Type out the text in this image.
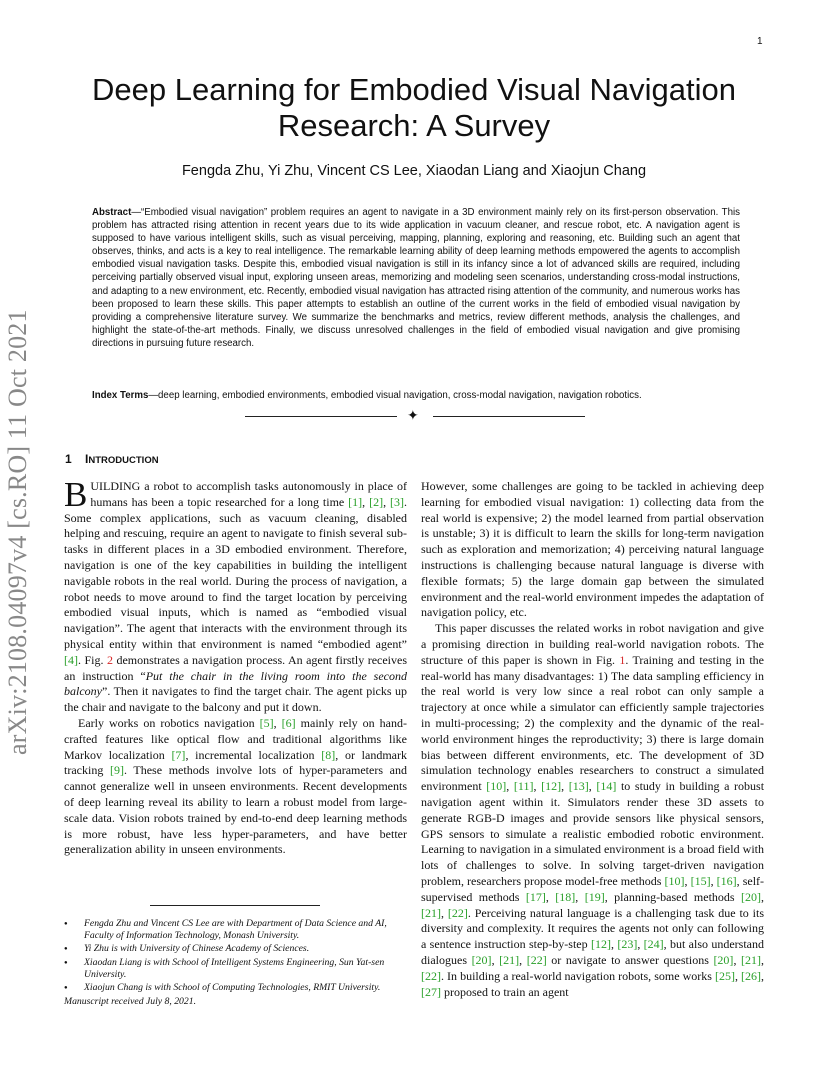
1
arXiv:2108.04097v4 [cs.RO] 11 Oct 2021
Deep Learning for Embodied Visual Navigation Research: A Survey
Fengda Zhu, Yi Zhu, Vincent CS Lee, Xiaodan Liang and Xiaojun Chang
Abstract—“Embodied visual navigation” problem requires an agent to navigate in a 3D environment mainly rely on its first-person observation. This problem has attracted rising attention in recent years due to its wide application in vacuum cleaner, and rescue robot, etc. A navigation agent is supposed to have various intelligent skills, such as visual perceiving, mapping, planning, exploring and reasoning, etc. Building such an agent that observes, thinks, and acts is a key to real intelligence. The remarkable learning ability of deep learning methods empowered the agents to accomplish embodied visual navigation tasks. Despite this, embodied visual navigation is still in its infancy since a lot of advanced skills are required, including perceiving partially observed visual input, exploring unseen areas, memorizing and modeling seen scenarios, understanding cross-modal instructions, and adapting to a new environment, etc. Recently, embodied visual navigation has attracted rising attention of the community, and numerous works has been proposed to learn these skills. This paper attempts to establish an outline of the current works in the field of embodied visual navigation by providing a comprehensive literature survey. We summarize the benchmarks and metrics, review different methods, analysis the challenges, and highlight the state-of-the-art methods. Finally, we discuss unresolved challenges in the field of embodied visual navigation and give promising directions in pursuing future research.
Index Terms—deep learning, embodied environments, embodied visual navigation, cross-modal navigation, navigation robotics.
✦
1 INTRODUCTION

BUILDING a robot to accomplish tasks autonomously in place of humans has been a topic researched for a long time [1], [2], [3]. Some complex applications, such as vacuum cleaning, disabled helping and rescuing, require an agent to navigate to finish several sub-tasks in different places in a 3D embodied environment. Therefore, navigation is one of the key capabilities in building the intelligent navigable robots in the real world. During the process of navigation, a robot needs to move around to find the target location by perceiving embodied visual inputs, which is named as “embodied visual navigation”. The agent that interacts with the environment through its physical entity within that environment is named “embodied agent” [4]. Fig. 2 demonstrates a navigation process. An agent firstly receives an instruction “Put the chair in the living room into the second balcony”. Then it navigates to find the target chair. The agent picks up the chair and navigate to the balcony and put it down.

Early works on robotics navigation [5], [6] mainly rely on hand-crafted features like optical flow and traditional algorithms like Markov localization [7], incremental localization [8], or landmark tracking [9]. These methods involve lots of hyper-parameters and cannot generalize well in unseen environments. Recent developments of deep learning reveal its ability to learn a robust model from large-scale data. Vision robots trained by end-to-end deep learning methods is more robust, have less hyper-parameters, and have better generalization ability in unseen environments.

However, some challenges are going to be tackled in achieving deep learning for embodied visual navigation: 1) collecting data from the real world is expensive; 2) the model learned from partial observation is unstable; 3) it is difficult to learn the skills for long-term navigation such as exploration and memorization; 4) perceiving natural language instructions is challenging because natural language is diverse with flexible formats; 5) the large domain gap between the simulated environment and the real-world environment impedes the adaptation of navigation policy, etc.

This paper discusses the related works in robot navigation and give a promising direction in building real-world navigation robots. The structure of this paper is shown in Fig. 1. Training and testing in the real-world has many disadvantages: 1) The data sampling efficiency in the real world is very low since a real robot can only sample a trajectory at once while a simulator can efficiently sample trajectories in multi-processing; 2) the complexity and the dynamic of the real-world environment hinges the reproductivity; 3) there is large domain bias between different environments, etc. The development of 3D simulation technology enables researchers to construct a simulated environment [10], [11], [12], [13], [14] to study in building a robust navigation agent within it. Simulators render these 3D assets to generate RGB-D images and provide sensors like physical sensors, GPS sensors to simulate a realistic embodied robotic environment. Learning to navigation in a simulated environment is a broad field with lots of challenges to solve. In solving target-driven navigation problem, researchers propose model-free methods [10], [15], [16], self-supervised methods [17], [18], [19], planning-based methods [20], [21], [22]. Perceiving natural language is a challenging task due to its diversity and complexity. It requires the agents not only can following a sentence instruction step-by-step [12], [23], [24], but also understand dialogues [20], [21], [22] or navigate to answer questions [20], [21], [22]. In building a real-world navigation robots, some works [25], [26], [27] proposed to train an agent

● Fengda Zhu and Vincent CS Lee are with Department of Data Science and AI, Faculty of Information Technology, Monash University.
● Yi Zhu is with University of Chinese Academy of Sciences.
● Xiaodan Liang is with School of Intelligent Systems Engineering, Sun Yat-sen University.
● Xiaojun Chang is with School of Computing Technologies, RMIT University.
Manuscript received July 8, 2021.
